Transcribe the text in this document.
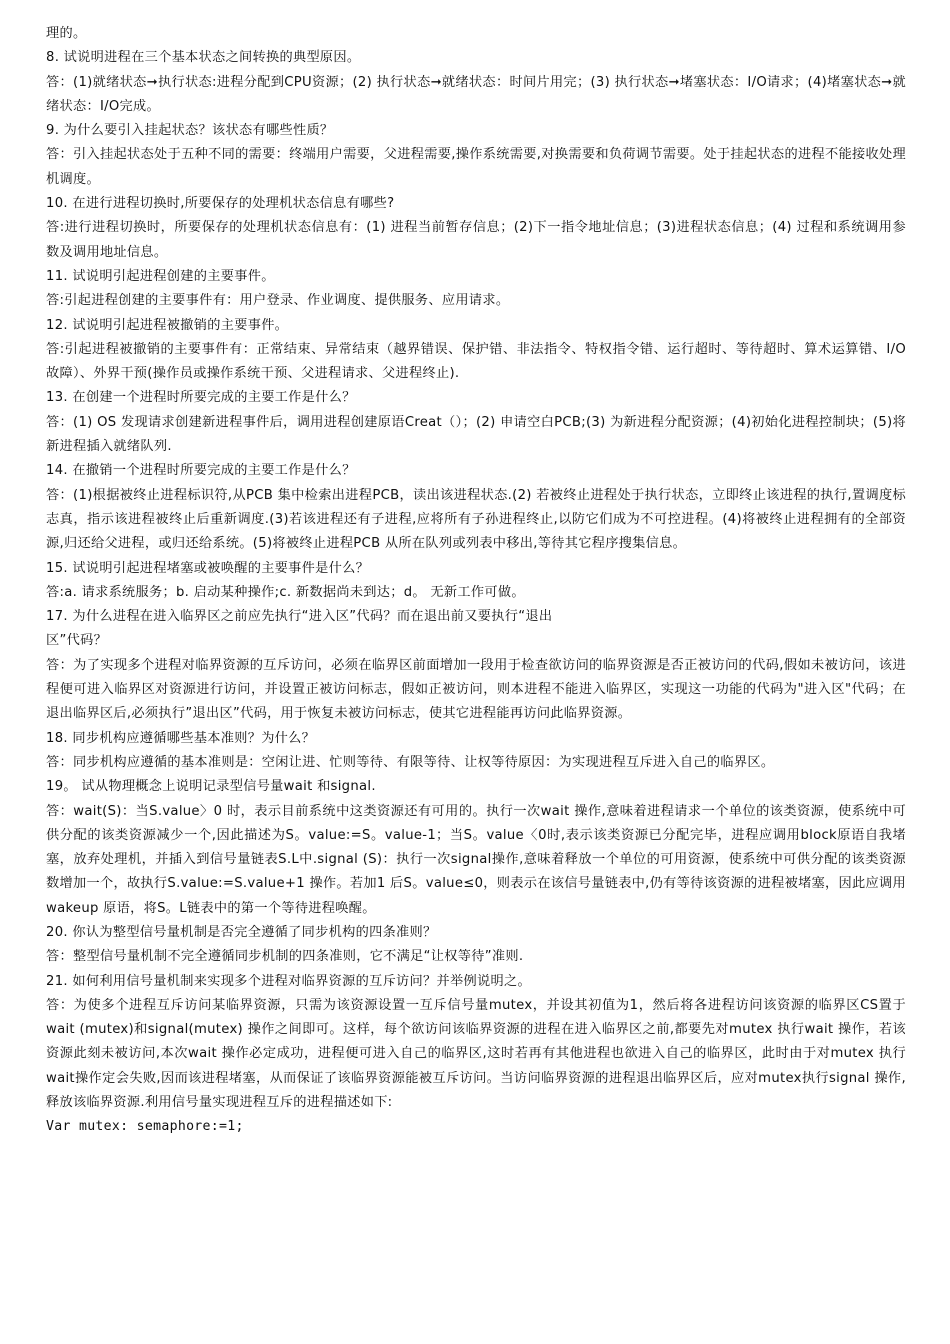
理的。

8. 试说明进程在三个基本状态之间转换的典型原因。

答：(1)就绪状态➞执行状态:进程分配到CPU资源；(2) 执行状态➞就绪状态：时间片用完；(3) 执行状态➞堵塞状态：I/O请求；(4)堵塞状态➞就绪状态：I/O完成。

9. 为什么要引入挂起状态？该状态有哪些性质？

答：引入挂起状态处于五种不同的需要：终端用户需要，父进程需要,操作系统需要,对换需要和负荷调节需要。处于挂起状态的进程不能接收处理机调度。

10. 在进行进程切换时,所要保存的处理机状态信息有哪些?

答:进行进程切换时，所要保存的处理机状态信息有：(1) 进程当前暂存信息；(2)下一指令地址信息；(3)进程状态信息；(4) 过程和系统调用参数及调用地址信息。

11. 试说明引起进程创建的主要事件。

答:引起进程创建的主要事件有：用户登录、作业调度、提供服务、应用请求。

12. 试说明引起进程被撤销的主要事件。

答:引起进程被撤销的主要事件有：正常结束、异常结束（越界错误、保护错、非法指令、特权指令错、运行超时、等待超时、算术运算错、I/O 故障）、外界干预(操作员或操作系统干预、父进程请求、父进程终止).

13. 在创建一个进程时所要完成的主要工作是什么？

答：(1) OS 发现请求创建新进程事件后，调用进程创建原语Creat（）；(2) 申请空白PCB;(3) 为新进程分配资源；(4)初始化进程控制块；(5)将新进程插入就绪队列.

14. 在撤销一个进程时所要完成的主要工作是什么？

答：(1)根据被终止进程标识符,从PCB 集中检索出进程PCB，读出该进程状态.(2) 若被终止进程处于执行状态，立即终止该进程的执行,置调度标志真，指示该进程被终止后重新调度.(3)若该进程还有子进程,应将所有子孙进程终止,以防它们成为不可控进程。(4)将被终止进程拥有的全部资源,归还给父进程，或归还给系统。(5)将被终止进程PCB 从所在队列或列表中移出,等待其它程序搜集信息。

15. 试说明引起进程堵塞或被唤醒的主要事件是什么？

答:a. 请求系统服务；b. 启动某种操作;c. 新数据尚未到达；d。 无新工作可做。

17. 为什么进程在进入临界区之前应先执行“进入区”代码？而在退出前又要执行“退出

区”代码？

答：为了实现多个进程对临界资源的互斥访问，必须在临界区前面增加一段用于检查欲访问的临界资源是否正被访问的代码,假如未被访问，该进程便可进入临界区对资源进行访问，并设置正被访问标志，假如正被访问，则本进程不能进入临界区，实现这一功能的代码为"进入区"代码；在退出临界区后,必须执行”退出区”代码，用于恢复未被访问标志，使其它进程能再访问此临界资源。

18. 同步机构应遵循哪些基本准则？为什么？

答：同步机构应遵循的基本准则是：空闲让进、忙则等待、有限等待、让权等待原因：为实现进程互斥进入自己的临界区。

19。 试从物理概念上说明记录型信号量wait 和signal.

答：wait(S)：当S.value〉0 时，表示目前系统中这类资源还有可用的。执行一次wait 操作,意味着进程请求一个单位的该类资源，使系统中可供分配的该类资源减少一个,因此描述为S。value:=S。value-1；当S。value〈0时,表示该类资源已分配完毕，进程应调用block原语自我堵塞，放弃处理机，并插入到信号量链表S.L中.signal (S)：执行一次signal操作,意味着释放一个单位的可用资源，使系统中可供分配的该类资源数增加一个，故执行S.value:=S.value+1 操作。若加1 后S。value≤0，则表示在该信号量链表中,仍有等待该资源的进程被堵塞，因此应调用wakeup 原语，将S。L链表中的第一个等待进程唤醒。

20. 你认为整型信号量机制是否完全遵循了同步机构的四条准则？

答：整型信号量机制不完全遵循同步机制的四条准则，它不满足“让权等待”准则.

21. 如何利用信号量机制来实现多个进程对临界资源的互斥访问？并举例说明之。

答：为使多个进程互斥访问某临界资源，只需为该资源设置一互斥信号量mutex，并设其初值为1，然后将各进程访问该资源的临界区CS置于wait (mutex)和signal(mutex) 操作之间即可。这样，每个欲访问该临界资源的进程在进入临界区之前,都要先对mutex 执行wait 操作，若该资源此刻未被访问,本次wait 操作必定成功，进程便可进入自己的临界区,这时若再有其他进程也欲进入自己的临界区，此时由于对mutex 执行wait操作定会失败,因而该进程堵塞，从而保证了该临界资源能被互斥访问。当访问临界资源的进程退出临界区后，应对mutex执行signal 操作,释放该临界资源.利用信号量实现进程互斥的进程描述如下:

Var mutex: semaphore:=1;
